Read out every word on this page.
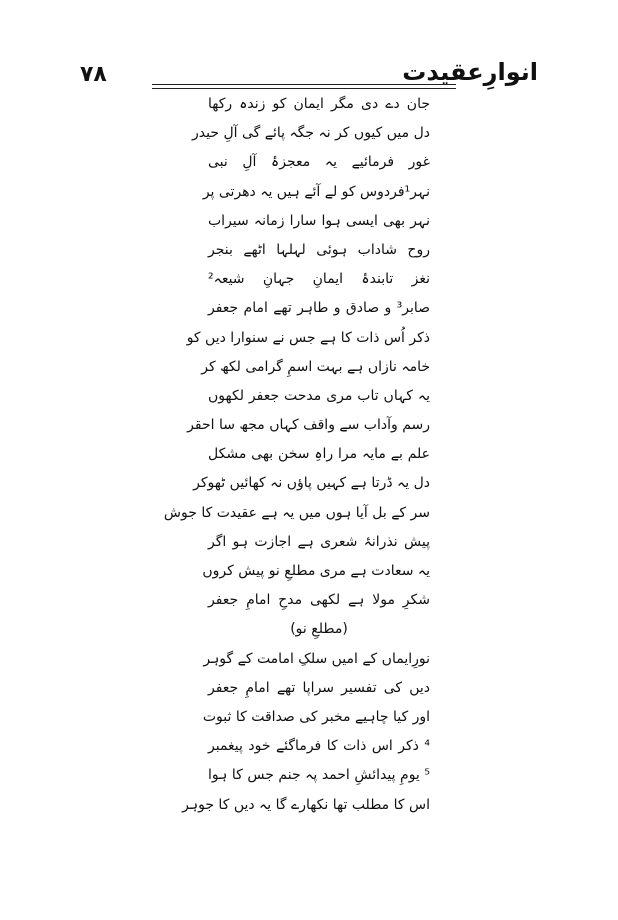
۷۸	انوارِعقیدت
جان دے دی مگر ایمان کو زندہ رکھا
دل میں کیوں کر نہ جگہ پائے گی آلِ حیدر
غور فرمائیے یہ معجزۂ آلِ نبی
نہر¹فردوس کو لے آئے ہیں یہ دھرتی پر
نہر بھی ایسی ہوا سارا زمانہ سیراب
روح شاداب ہوئی لہلہا اٹھے بنجر
نغز تابندۂ ایمانِ جہانِ شیعہ²
صابر³ و صادق و طاہر تھے امام جعفر
ذکر اُس ذات کا ہے جس نے سنوارا دیں کو
خامہ نازاں ہے بہت اسمِ گرامی لکھ کر
یہ کہاں تاب مری مدحت جعفر لکھوں
رسم وآداب سے واقف کہاں مجھ سا احقر
علم بے مایہ مرا راہِ سخن بھی مشکل
دل یہ ڈرتا ہے کہیں پاؤں نہ کھائیں ٹھوکر
سر کے بل آیا ہوں میں یہ ہے عقیدت کا جوش
پیش نذرانۂ شعری ہے اجازت ہو اگر
یہ سعادت ہے مری مطلعِ نو پیش کروں
شکرِ مولا ہے لکھی مدحِ امامِ جعفر
(مطلعِ نو)
نورِایماں کے امیں سلکِ امامت کے گوہر
دیں کی تفسیر سراپا تھے امامِ جعفر
اور کیا چاہیے مخبر کی صداقت کا ثبوت
⁴ ذکر اس ذات کا فرماگئے خود پیغمبر
⁵ یومِ پیدائشِ احمد پہ جنم جس کا ہوا
اس کا مطلب تھا نکھارے گا یہ دیں کا جوہر
